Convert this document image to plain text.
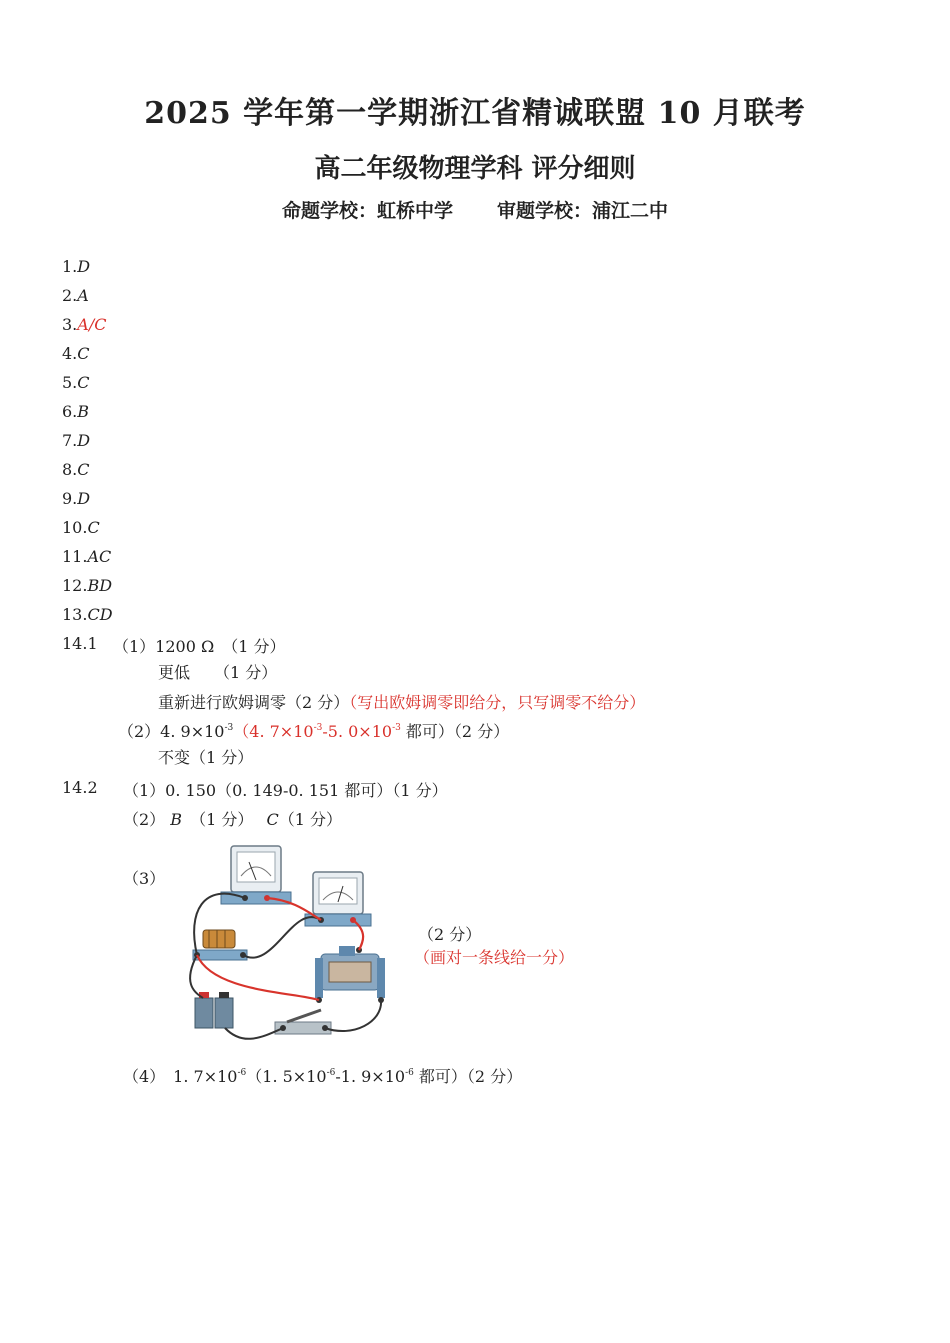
2025 学年第一学期浙江省精诚联盟 10 月联考
高二年级物理学科 评分细则
命题学校：虹桥中学 审题学校：浦江二中
1.D
2.A
3.A/C
4.C
5.C
6.B
7.D
8.C
9.D
10.C
11.AC
12.BD
13.CD
14.1 （1）1200 Ω　（1 分）
更低　　（1 分）
重新进行欧姆调零（2 分）（写出欧姆调零即给分，只写调零不给分）
（2）4. $9\times 10^{-3}(4$. $7\times 10^{-3}-5$. $0\times 10^{-3}$ 都可）（2 分）
不变（1 分）
14.2 （1）0. 150（0. 149-0. 151 都可）（1 分）
（2） B　 （1 分）　 C（1 分）
（3）
（2 分）
（画对一条线给一分）
（4）　1. $7\times 10^{-6}(1$. $5\times 10^{-6}-1$. $9\times 10^{-6}$ 都可）（2 分）
